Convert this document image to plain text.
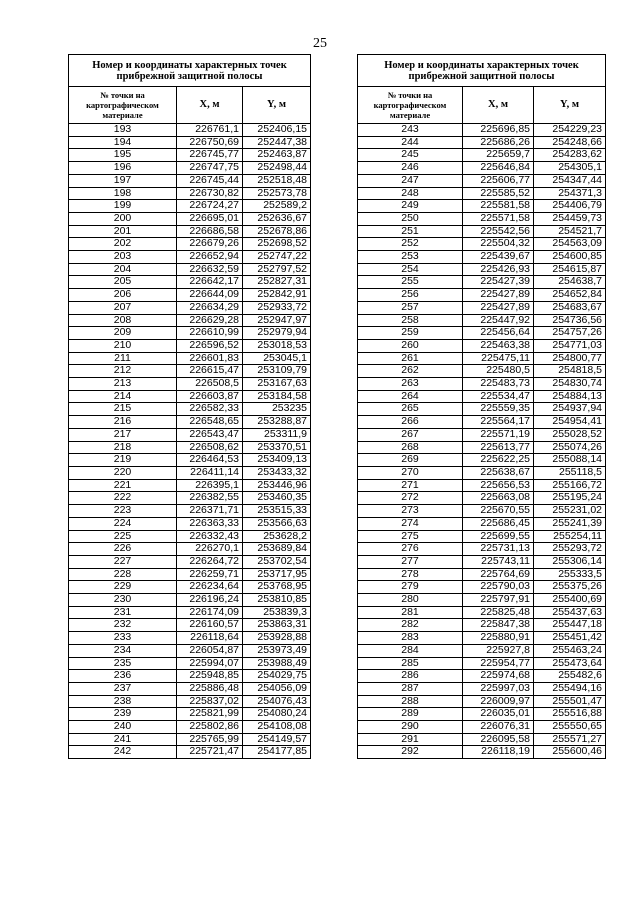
25
Номер и координаты характерных точек прибрежной защитной полосы		
№ точки на картографическом материале	X, м	Y, м
193	226761,1	252406,15
194	226750,69	252447,38
195	226745,77	252463,87
196	226747,75	252498,44
197	226745,44	252518,48
198	226730,82	252573,78
199	226724,27	252589,2
200	226695,01	252636,67
201	226686,58	252678,86
202	226679,26	252698,52
203	226652,94	252747,22
204	226632,59	252797,52
205	226642,17	252827,31
206	226644,09	252842,91
207	226634,29	252933,72
208	226629,28	252947,97
209	226610,99	252979,94
210	226596,52	253018,53
211	226601,83	253045,1
212	226615,47	253109,79
213	226508,5	253167,63
214	226603,87	253184,58
215	226582,33	253235
216	226548,65	253288,87
217	226543,47	253311,9
218	226508,62	253370,51
219	226464,53	253409,13
220	226411,14	253433,32
221	226395,1	253446,96
222	226382,55	253460,35
223	226371,71	253515,33
224	226363,33	253566,63
225	226332,43	253628,2
226	226270,1	253689,84
227	226264,72	253702,54
228	226259,71	253717,95
229	226234,64	253768,95
230	226196,24	253810,85
231	226174,09	253839,3
232	226160,57	253863,31
233	226118,64	253928,88
234	226054,87	253973,49
235	225994,07	253988,49
236	225948,85	254029,75
237	225886,48	254056,09
238	225837,02	254076,43
239	225821,99	254080,24
240	225802,86	254108,08
241	225765,99	254149,57
242	225721,47	254177,85
Номер и координаты характерных точек прибрежной защитной полосы		
№ точки на картографическом материале	X, м	Y, м
243	225696,85	254229,23
244	225686,26	254248,66
245	225659,7	254283,62
246	225646,84	254305,1
247	225606,77	254347,44
248	225585,52	254371,3
249	225581,58	254406,79
250	225571,58	254459,73
251	225542,56	254521,7
252	225504,32	254563,09
253	225439,67	254600,85
254	225426,93	254615,87
255	225427,39	254638,7
256	225427,89	254652,84
257	225427,89	254683,67
258	225447,92	254736,56
259	225456,64	254757,26
260	225463,38	254771,03
261	225475,11	254800,77
262	225480,5	254818,5
263	225483,73	254830,74
264	225534,47	254884,13
265	225559,35	254937,94
266	225564,17	254954,41
267	225571,19	255028,52
268	225613,77	255074,26
269	225622,25	255088,14
270	225638,67	255118,5
271	225656,53	255166,72
272	225663,08	255195,24
273	225670,55	255231,02
274	225686,45	255241,39
275	225699,55	255254,11
276	225731,13	255293,72
277	225743,11	255306,14
278	225764,69	255333,5
279	225790,03	255375,26
280	225797,91	255400,69
281	225825,48	255437,63
282	225847,38	255447,18
283	225880,91	255451,42
284	225927,8	255463,24
285	225954,77	255473,64
286	225974,68	255482,6
287	225997,03	255494,16
288	226009,97	255501,47
289	226035,01	255516,88
290	226076,31	255550,65
291	226095,58	255571,27
292	226118,19	255600,46
